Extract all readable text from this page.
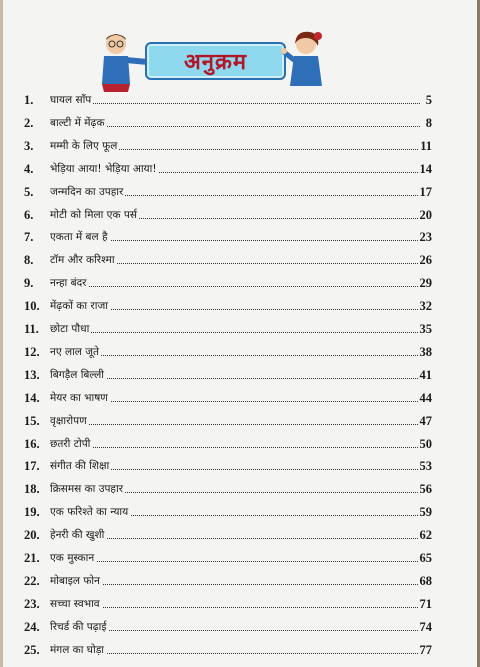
अनुक्रम
1. घायल साँप	5
2. बाल्टी में मेंढ़क	8
3. मम्मी के लिए फूल	11
4. भेड़िया आया! भेड़िया आया!	14
5. जन्मदिन का उपहार	17
6. मोटी को मिला एक पर्स	20
7. एकता में बल है	23
8. टॉम और करिश्मा	26
9. नन्हा बंदर	29
10. मेंढ़कों का राजा	32
11. छोटा पौधा	35
12. नए लाल जूते	38
13. बिगड़ैल बिल्ली	41
14. मेयर का भाषण	44
15. वृक्षारोपण	47
16. छतरी टोपी	50
17. संगीत की शिक्षा	53
18. क्रिसमस का उपहार	56
19. एक फरिश्ते का न्याय	59
20. हेनरी की खुशी	62
21. एक मुस्कान	65
22. मोबाइल फोन	68
23. सच्चा स्वभाव	71
24. रिचर्ड की पढ़ाई	74
25. मंगल का घोड़ा	77
